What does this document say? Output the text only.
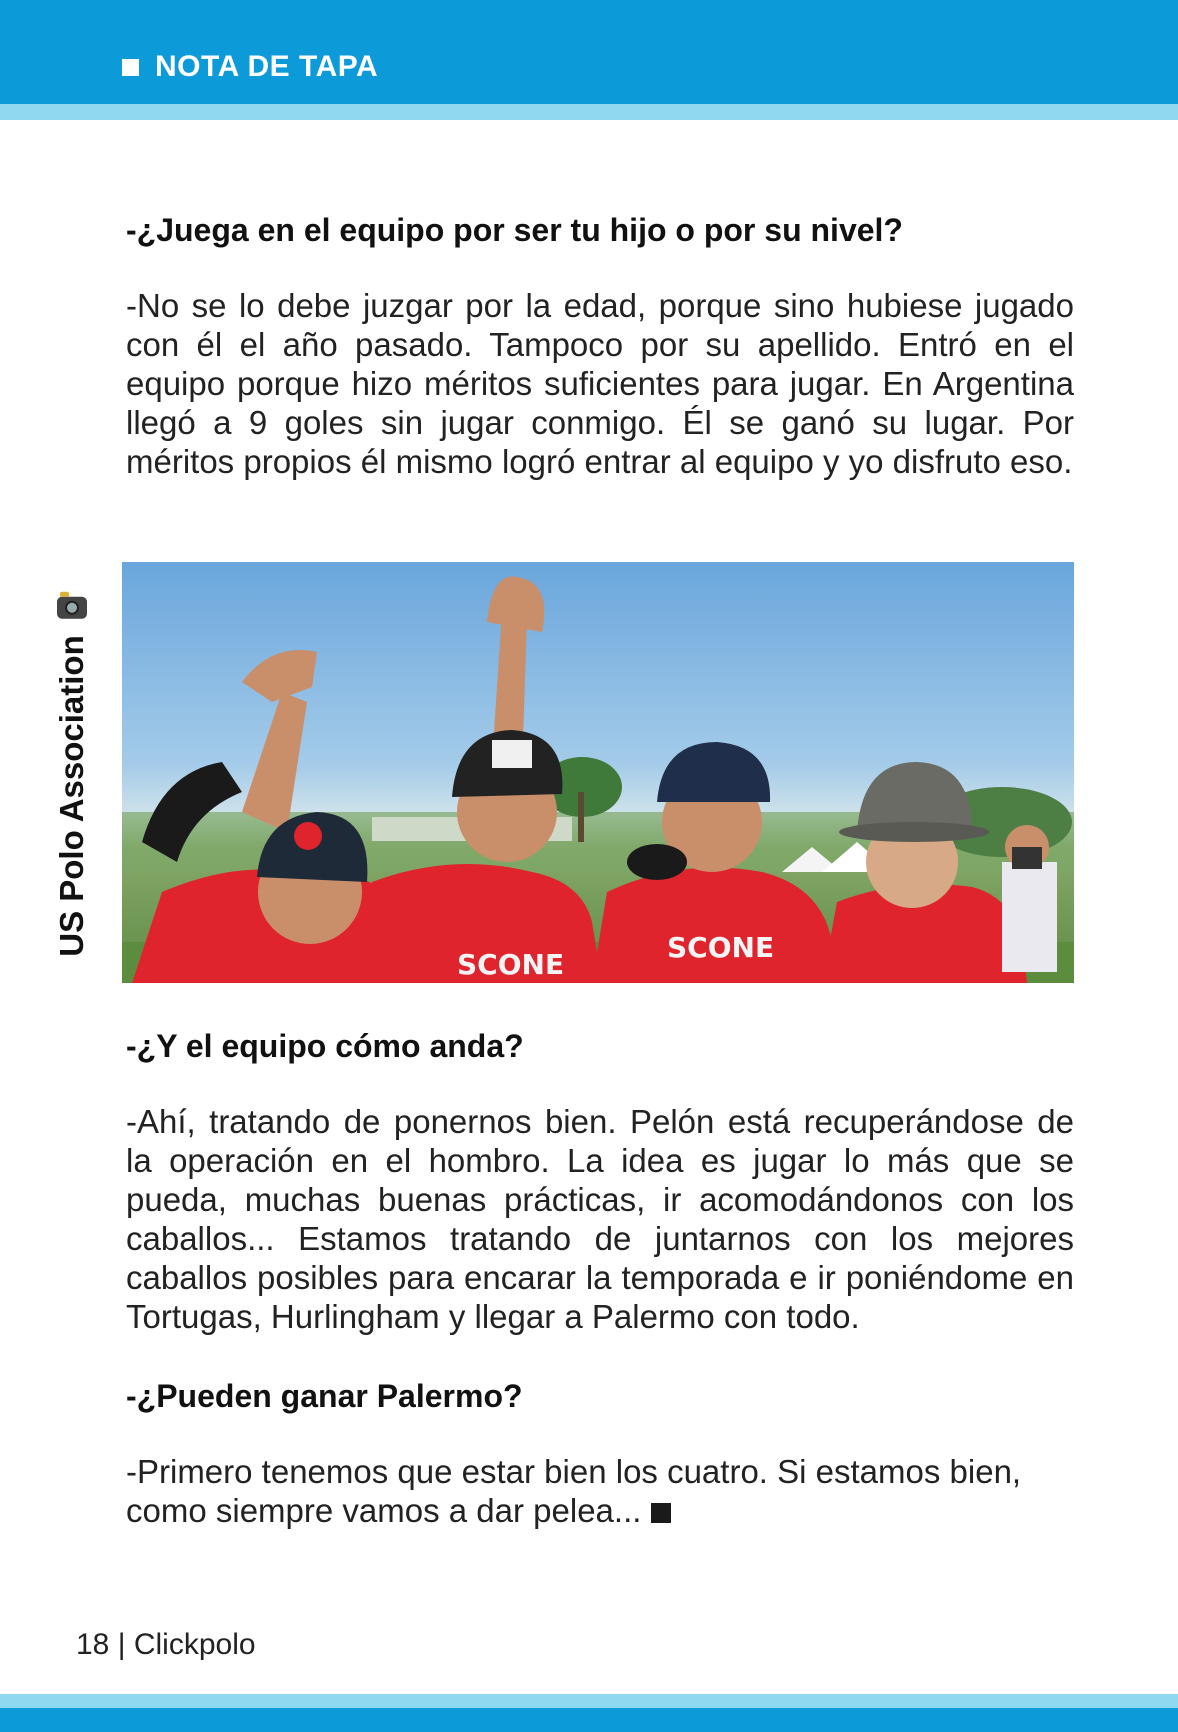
NOTA DE TAPA

-¿Juega en el equipo por ser tu hijo o por su nivel?

-No se lo debe juzgar por la edad, porque sino hubiese jugado con él el año pasado. Tampoco por su apellido. Entró en el equipo porque hizo méritos suficientes para jugar. En Argentina llegó a 9 goles sin jugar conmigo. Él se ganó su lugar. Por méritos propios él mismo logró entrar al equipo y yo disfruto eso.

US Polo Association
SCONE
SCONE

-¿Y el equipo cómo anda?

-Ahí, tratando de ponernos bien. Pelón está recuperándose de la operación en el hombro. La idea es jugar lo más que se pueda, muchas buenas prácticas, ir acomodándonos con los caballos... Estamos tratando de juntarnos con los mejores caballos posibles para encarar la temporada e ir poniéndome en Tortugas, Hurlingham y llegar a Palermo con todo.

-¿Pueden ganar Palermo?

-Primero tenemos que estar bien los cuatro. Si estamos bien, como siempre vamos a dar pelea...

18 | Clickpolo
